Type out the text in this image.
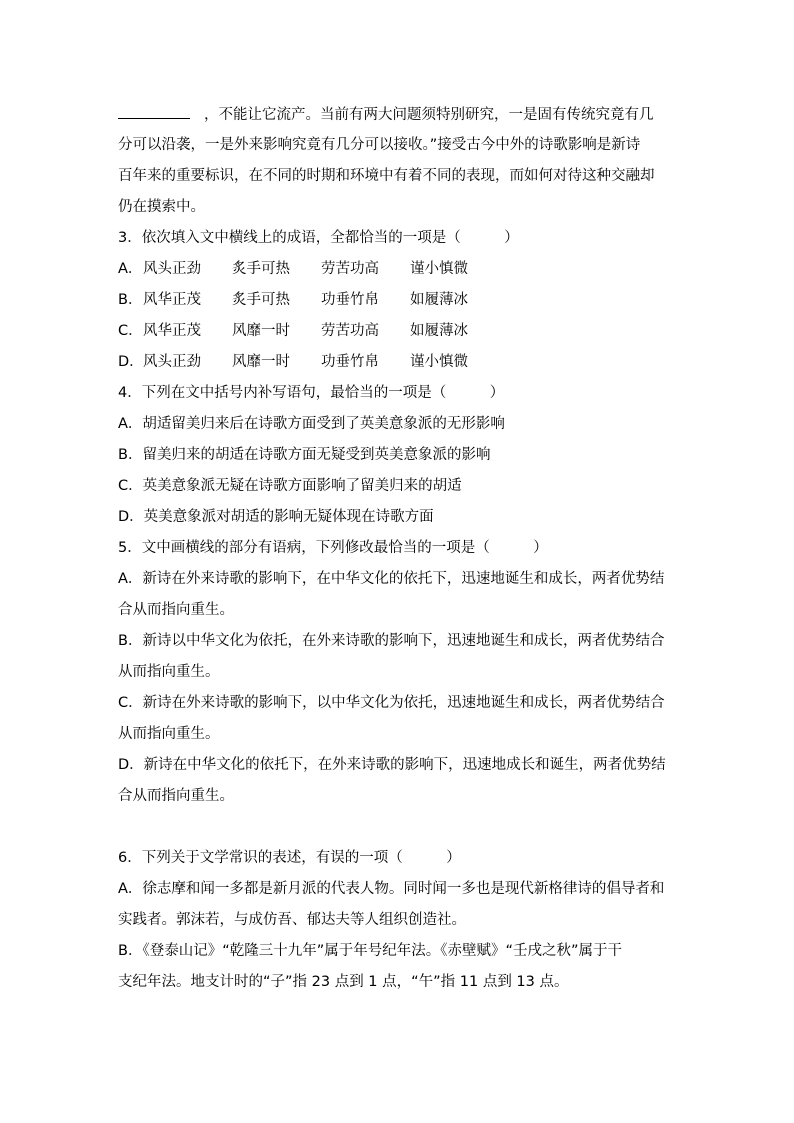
，不能让它流产。当前有两大问题须特别研究，一是固有传统究竟有几
分可以沿袭，一是外来影响究竟有几分可以接收。”接受古今中外的诗歌影响是新诗
百年来的重要标识，在不同的时期和环境中有着不同的表现，而如何对待这种交融却
仍在摸索中。
3．依次填入文中横线上的成语，全都恰当的一项是（　　　）
A． 风头正劲 炙手可热 劳苦功高 谨小慎微
B． 风华正茂 炙手可热 功垂竹帛 如履薄冰
C． 风华正茂 风靡一时 劳苦功高 如履薄冰
D． 风头正劲 风靡一时 功垂竹帛 谨小慎微
4．下列在文中括号内补写语句，最恰当的一项是（　　　）
A．胡适留美归来后在诗歌方面受到了英美意象派的无形影响
B．留美归来的胡适在诗歌方面无疑受到英美意象派的影响
C．英美意象派无疑在诗歌方面影响了留美归来的胡适
D．英美意象派对胡适的影响无疑体现在诗歌方面
5．文中画横线的部分有语病，下列修改最恰当的一项是（　　　）
A．新诗在外来诗歌的影响下，在中华文化的依托下，迅速地诞生和成长，两者优势结
合从而指向重生。
B．新诗以中华文化为依托，在外来诗歌的影响下，迅速地诞生和成长，两者优势结合
从而指向重生。
C．新诗在外来诗歌的影响下，以中华文化为依托，迅速地诞生和成长，两者优势结合
从而指向重生。
D．新诗在中华文化的依托下，在外来诗歌的影响下，迅速地成长和诞生，两者优势结
合从而指向重生。
6．下列关于文学常识的表述，有误的一项（　　　）
A．徐志摩和闻一多都是新月派的代表人物。同时闻一多也是现代新格律诗的倡导者和
实践者。郭沫若，与成仿吾、郁达夫等人组织创造社。
B．《登泰山记》“乾隆三十九年”属于年号纪年法。《赤壁赋》“壬戌之秋”属于干
支纪年法。地支计时的“子”指 23 点到 1 点，“午”指 11 点到 13 点。
